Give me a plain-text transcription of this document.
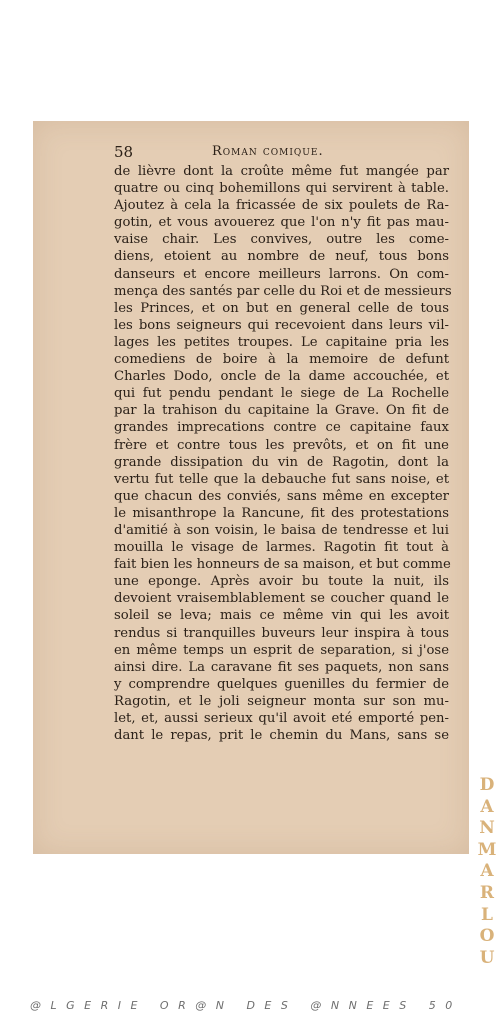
58	Roman comique.
de lièvre dont la croûte même fut mangée par
quatre ou cinq bohemillons qui servirent à table.
Ajoutez à cela la fricassée de six poulets de Ra-
gotin, et vous avouerez que l'on n'y fit pas mau-
vaise chair. Les convives, outre les come-
diens, etoient au nombre de neuf, tous bons
danseurs et encore meilleurs larrons. On com-
mença des santés par celle du Roi et de messieurs
les Princes, et on but en general celle de tous
les bons seigneurs qui recevoient dans leurs vil-
lages les petites troupes. Le capitaine pria les
comediens de boire à la memoire de defunt
Charles Dodo, oncle de la dame accouchée, et
qui fut pendu pendant le siege de La Rochelle
par la trahison du capitaine la Grave. On fit de
grandes imprecations contre ce capitaine faux
frère et contre tous les prevôts, et on fit une
grande dissipation du vin de Ragotin, dont la
vertu fut telle que la debauche fut sans noise, et
que chacun des conviés, sans même en excepter
le misanthrope la Rancune, fit des protestations
d'amitié à son voisin, le baisa de tendresse et lui
mouilla le visage de larmes. Ragotin fit tout à
fait bien les honneurs de sa maison, et but comme
une eponge. Après avoir bu toute la nuit, ils
devoient vraisemblablement se coucher quand le
soleil se leva; mais ce même vin qui les avoit
rendus si tranquilles buveurs leur inspira à tous
en même temps un esprit de separation, si j'ose
ainsi dire. La caravane fit ses paquets, non sans
y comprendre quelques guenilles du fermier de
Ragotin, et le joli seigneur monta sur son mu-
let, et, aussi serieux qu'il avoit eté emporté pen-
dant le repas, prit le chemin du Mans, sans se
D
A
N
M
A
R
L
O
U
@LGERIE OR@N DES @NNEES 50
